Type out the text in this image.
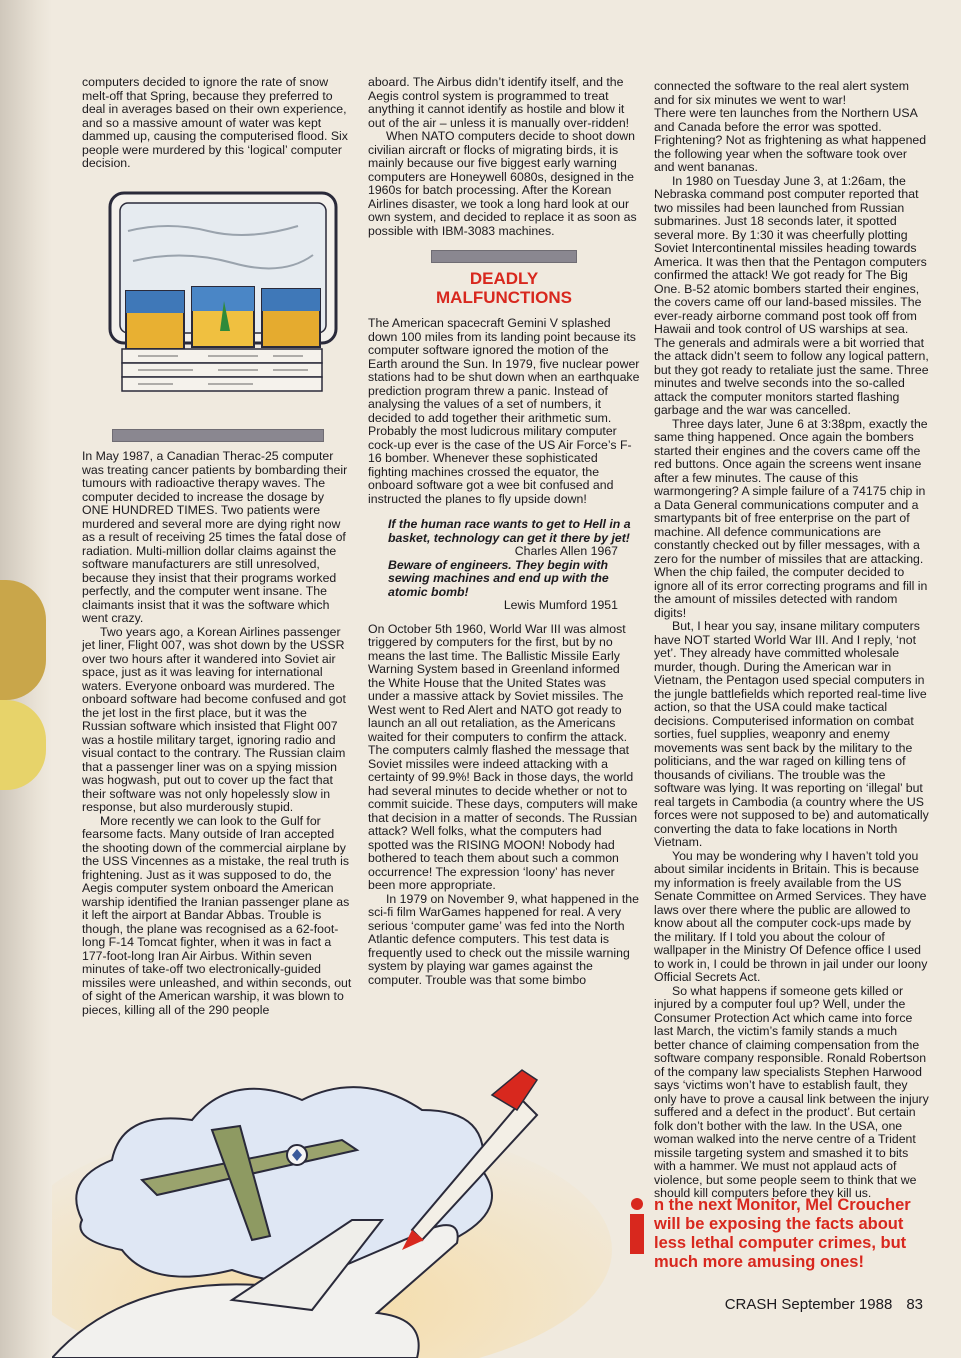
computers decided to ignore the rate of snow melt-off that Spring, because they preferred to deal in averages based on their own experience, and so a massive amount of water was kept dammed up, causing the computerised flood. Six people were murdered by this ‘logical’ computer decision.

In May 1987, a Canadian Therac-25 computer was treating cancer patients by bombarding their tumours with radioactive therapy waves. The computer decided to increase the dosage by ONE HUNDRED TIMES. Two patients were murdered and several more are dying right now as a result of receiving 25 times the fatal dose of radiation. Multi-million dollar claims against the software manufacturers are still unresolved, because they insist that their programs worked perfectly, and the computer went insane. The claimants insist that it was the software which went crazy.

Two years ago, a Korean Airlines passenger jet liner, Flight 007, was shot down by the USSR over two hours after it wandered into Soviet air space, just as it was leaving for international waters. Everyone onboard was murdered. The onboard software had become confused and got the jet lost in the first place, but it was the Russian software which insisted that Flight 007 was a hostile military target, ignoring radio and visual contact to the contrary. The Russian claim that a passenger liner was on a spying mission was hogwash, put out to cover up the fact that their software was not only hopelessly slow in response, but also murderously stupid.

More recently we can look to the Gulf for fearsome facts. Many outside of Iran accepted the shooting down of the commercial airplane by the USS Vincennes as a mistake, the real truth is frightening. Just as it was supposed to do, the Aegis computer system onboard the American warship identified the Iranian passenger plane as it left the airport at Bandar Abbas. Trouble is though, the plane was recognised as a 62-foot-long F-14 Tomcat fighter, when it was in fact a 177-foot-long Iran Air Airbus. Within seven minutes of take-off two electronically-guided missiles were unleashed, and within seconds, out of sight of the American warship, it was blown to pieces, killing all of the 290 people

aboard. The Airbus didn’t identify itself, and the Aegis control system is programmed to treat anything it cannot identify as hostile and blow it out of the air – unless it is manually over-ridden!

When NATO computers decide to shoot down civilian aircraft or flocks of migrating birds, it is mainly because our five biggest early warning computers are Honeywell 6080s, designed in the 1960s for batch processing. After the Korean Airlines disaster, we took a long hard look at our own system, and decided to replace it as soon as possible with IBM-3083 machines.

DEADLY
MALFUNCTIONS

The American spacecraft Gemini V splashed down 100 miles from its landing point because its computer software ignored the motion of the Earth around the Sun. In 1979, five nuclear power stations had to be shut down when an earthquake prediction program threw a panic. Instead of analysing the values of a set of numbers, it decided to add together their arithmetic sum. Probably the most ludicrous military computer cock-up ever is the case of the US Air Force’s F-16 bomber. Whenever these sophisticated fighting machines crossed the equator, the onboard software got a wee bit confused and instructed the planes to fly upside down!

If the human race wants to get to Hell in a basket, technology can get it there by jet!
Charles Allen 1967
Beware of engineers. They begin with sewing machines and end up with the atomic bomb!
Lewis Mumford 1951

On October 5th 1960, World War III was almost triggered by computers for the first, but by no means the last time. The Ballistic Missile Early Warning System based in Greenland informed the White House that the United States was under a massive attack by Soviet missiles. The West went to Red Alert and NATO got ready to launch an all out retaliation, as the Americans waited for their computers to confirm the attack. The computers calmly flashed the message that Soviet missiles were indeed attacking with a certainty of 99.9%! Back in those days, the world had several minutes to decide whether or not to commit suicide. These days, computers will make that decision in a matter of seconds. The Russian attack? Well folks, what the computers had spotted was the RISING MOON! Nobody had bothered to teach them about such a common occurrence! The expression ‘loony’ has never been more appropriate.

In 1979 on November 9, what happened in the sci-fi film WarGames happened for real. A very serious ‘computer game’ was fed into the North Atlantic defence computers. This test data is frequently used to check out the missile warning system by playing war games against the computer. Trouble was that some bimbo

connected the software to the real alert system and for six minutes we went to war!

There were ten launches from the Northern USA and Canada before the error was spotted. Frightening? Not as frightening as what happened the following year when the software took over and went bananas.

In 1980 on Tuesday June 3, at 1:26am, the Nebraska command post computer reported that two missiles had been launched from Russian submarines. Just 18 seconds later, it spotted several more. By 1:30 it was cheerfully plotting Soviet Intercontinental missiles heading towards America. It was then that the Pentagon computers confirmed the attack! We got ready for The Big One. B-52 atomic bombers started their engines, the covers came off our land-based missiles. The ever-ready airborne command post took off from Hawaii and took control of US warships at sea. The generals and admirals were a bit worried that the attack didn’t seem to follow any logical pattern, but they got ready to retaliate just the same. Three minutes and twelve seconds into the so-called attack the computer monitors started flashing garbage and the war was cancelled.

Three days later, June 6 at 3:38pm, exactly the same thing happened. Once again the bombers started their engines and the covers came off the red buttons. Once again the screens went insane after a few minutes. The cause of this warmongering? A simple failure of a 74175 chip in a Data General communications computer and a smartypants bit of free enterprise on the part of machine. All defence communications are constantly checked out by filler messages, with a zero for the number of missiles that are attacking. When the chip failed, the computer decided to ignore all of its error correcting programs and fill in the amount of missiles detected with random digits!

But, I hear you say, insane military computers have NOT started World War III. And I reply, ‘not yet’. They already have committed wholesale murder, though. During the American war in Vietnam, the Pentagon used special computers in the jungle battlefields which reported real-time live action, so that the USA could make tactical decisions. Computerised information on combat sorties, fuel supplies, weaponry and enemy movements was sent back by the military to the politicians, and the war raged on killing tens of thousands of civilians. The trouble was the software was lying. It was reporting on ‘illegal’ but real targets in Cambodia (a country where the US forces were not supposed to be) and automatically converting the data to fake locations in North Vietnam.

You may be wondering why I haven’t told you about similar incidents in Britain. This is because my information is freely available from the US Senate Committee on Armed Services. They have laws over there where the public are allowed to know about all the computer cock-ups made by the military. If I told you about the colour of wallpaper in the Ministry Of Defence office I used to work in, I could be thrown in jail under our loony Official Secrets Act.

So what happens if someone gets killed or injured by a computer foul up? Well, under the Consumer Protection Act which came into force last March, the victim’s family stands a much better chance of claiming compensation from the software company responsible. Ronald Robertson of the company law specialists Stephen Harwood says ‘victims won’t have to establish fault, they only have to prove a causal link between the injury suffered and a defect in the product’. But certain folk don’t bother with the law. In the USA, one woman walked into the nerve centre of a Trident missile targeting system and smashed it to bits with a hammer. We must not applaud acts of violence, but some people seem to think that we should kill computers before they kill us.

n the next Monitor, Mel Croucher will be exposing the facts about less lethal computer crimes, but much more amusing ones!
CRASH September 1988 83
